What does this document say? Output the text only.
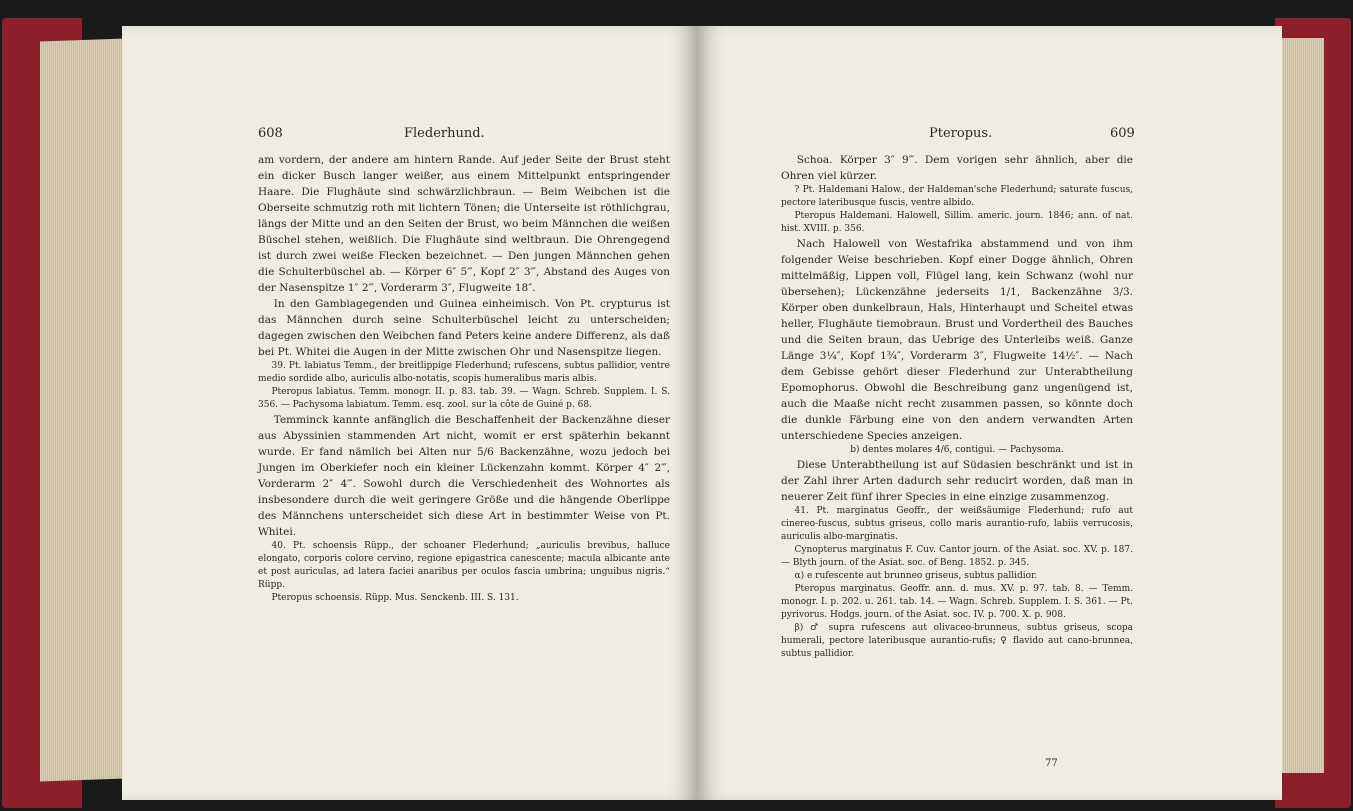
608	Flederhund.

am vordern, der andere am hintern Rande. Auf jeder Seite der Brust steht ein dicker Busch langer weißer, aus einem Mittelpunkt entspringender Haare. Die Flughäute sind schwärzlichbraun. — Beim Weibchen ist die Oberseite schmutzig roth mit lichtern Tönen; die Unterseite ist röthlichgrau, längs der Mitte und an den Seiten der Brust, wo beim Männchen die weißen Büschel stehen, weißlich. Die Flughäute sind weltbraun. Die Ohrengegend ist durch zwei weiße Flecken bezeichnet. — Den jungen Männchen gehen die Schulterbüschel ab. — Körper 6″ 5‴, Kopf 2″ 3‴, Abstand des Auges von der Nasenspitze 1″ 2‴, Vorderarm 3″, Flugweite 18″.

In den Gambiagegenden und Guinea einheimisch. Von Pt. crypturus ist das Männchen durch seine Schulterbüschel leicht zu unterscheiden; dagegen zwischen den Weibchen fand Peters keine andere Differenz, als daß bei Pt. Whitei die Augen in der Mitte zwischen Ohr und Nasenspitze liegen.

39. Pt. labiatus Temm., der breitlippige Flederhund; rufescens, subtus pallidior, ventre medio sordide albo, auriculis albo-notatis, scopis humeralibus maris albis.

Pteropus labiatus. Temm. monogr. II. p. 83. tab. 39. — Wagn. Schreb. Supplem. I. S. 356. — Pachysoma labiatum. Temm. esq. zool. sur la côte de Guiné p. 68.

Temminck kannte anfänglich die Beschaffenheit der Backenzähne dieser aus Abyssinien stammenden Art nicht, womit er erst späterhin bekannt wurde. Er fand nämlich bei Alten nur 5/6 Backenzähne, wozu jedoch bei Jungen im Oberkiefer noch ein kleiner Lückenzahn kommt. Körper 4″ 2‴, Vorderarm 2″ 4‴. Sowohl durch die Verschiedenheit des Wohnortes als insbesondere durch die weit geringere Größe und die hängende Oberlippe des Männchens unterscheidet sich diese Art in bestimmter Weise von Pt. Whitei.

40. Pt. schoensis Rüpp., der schoaner Flederhund; „auriculis brevibus, halluce elongato, corporis colore cervino, regione epigastrica canescente; macula albicante ante et post auriculas, ad latera faciei anaribus per oculos fascia umbrina; unguibus nigris.“ Rüpp.

Pteropus schoensis. Rüpp. Mus. Senckenb. III. S. 131.

Pteropus.	609

Schoa. Körper 3″ 9‴. Dem vorigen sehr ähnlich, aber die Ohren viel kürzer.

? Pt. Haldemani Halow., der Haldeman'sche Flederhund; saturate fuscus, pectore lateribusque fuscis, ventre albido.

Pteropus Haldemani. Halowell, Sillim. americ. journ. 1846; ann. of nat. hist. XVIII. p. 356.

Nach Halowell von Westafrika abstammend und von ihm folgender Weise beschrieben. Kopf einer Dogge ähnlich, Ohren mittelmäßig, Lippen voll, Flügel lang, kein Schwanz (wohl nur übersehen); Lückenzähne jederseits 1/1, Backenzähne 3/3. Körper oben dunkelbraun, Hals, Hinterhaupt und Scheitel etwas heller, Flughäute tiemobraun. Brust und Vordertheil des Bauches und die Seiten braun, das Uebrige des Unterleibs weiß. Ganze Länge 3¼″, Kopf 1¾″, Vorderarm 3″, Flugweite 14½″. — Nach dem Gebisse gehört dieser Flederhund zur Unterabtheilung Epomophorus. Obwohl die Beschreibung ganz ungenügend ist, auch die Maaße nicht recht zusammen passen, so könnte doch die dunkle Färbung eine von den andern verwandten Arten unterschiedene Species anzeigen.

b) dentes molares 4/6, contigui. — Pachysoma.

Diese Unterabtheilung ist auf Südasien beschränkt und ist in der Zahl ihrer Arten dadurch sehr reducirt worden, daß man in neuerer Zeit fünf ihrer Species in eine einzige zusammenzog.

41. Pt. marginatus Geoffr., der weißsäumige Flederhund; rufo aut cinereo-fuscus, subtus griseus, collo maris aurantio-rufo, labiis verrucosis, auriculis albo-marginatis.

Cynopterus marginatus F. Cuv. Cantor journ. of the Asiat. soc. XV. p. 187. — Blyth journ. of the Asiat. soc. of Beng. 1852. p. 345.

α) e rufescente aut brunneo griseus, subtus pallidior.

Pteropus marginatus. Geoffr. ann. d. mus. XV. p. 97. tab. 8. — Temm. monogr. I. p. 202. u. 261. tab. 14. — Wagn. Schreb. Supplem. I. S. 361. — Pt. pyrivorus. Hodgs. journ. of the Asiat. soc. IV. p. 700. X. p. 908.

β) ♂ supra rufescens aut olivaceo-brunneus, subtus griseus, scopa humerali, pectore lateribusque aurantio-rufis; ♀ flavido aut cano-brunnea, subtus pallidior.

77
